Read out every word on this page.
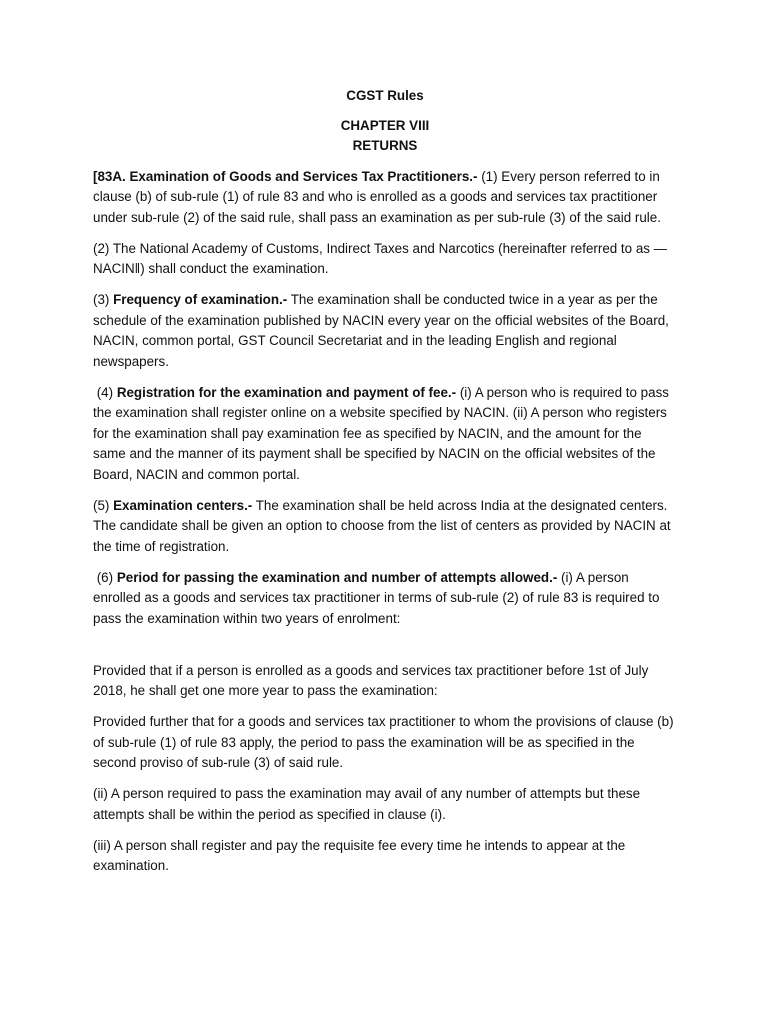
CGST Rules
CHAPTER VIII
RETURNS

[83A. Examination of Goods and Services Tax Practitioners.- (1) Every person referred to in clause (b) of sub-rule (1) of rule 83 and who is enrolled as a goods and services tax practitioner under sub-rule (2) of the said rule, shall pass an examination as per sub-rule (3) of the said rule.

(2) The National Academy of Customs, Indirect Taxes and Narcotics (hereinafter referred to as —NACIN‖) shall conduct the examination.

(3) Frequency of examination.- The examination shall be conducted twice in a year as per the schedule of the examination published by NACIN every year on the official websites of the Board, NACIN, common portal, GST Council Secretariat and in the leading English and regional newspapers.

(4) Registration for the examination and payment of fee.- (i) A person who is required to pass the examination shall register online on a website specified by NACIN. (ii) A person who registers for the examination shall pay examination fee as specified by NACIN, and the amount for the same and the manner of its payment shall be specified by NACIN on the official websites of the Board, NACIN and common portal.

(5) Examination centers.- The examination shall be held across India at the designated centers. The candidate shall be given an option to choose from the list of centers as provided by NACIN at the time of registration.

(6) Period for passing the examination and number of attempts allowed.- (i) A person enrolled as a goods and services tax practitioner in terms of sub-rule (2) of rule 83 is required to pass the examination within two years of enrolment:

Provided that if a person is enrolled as a goods and services tax practitioner before 1st of July 2018, he shall get one more year to pass the examination:

Provided further that for a goods and services tax practitioner to whom the provisions of clause (b) of sub-rule (1) of rule 83 apply, the period to pass the examination will be as specified in the second proviso of sub-rule (3) of said rule.

(ii) A person required to pass the examination may avail of any number of attempts but these attempts shall be within the period as specified in clause (i).

(iii) A person shall register and pay the requisite fee every time he intends to appear at the examination.
